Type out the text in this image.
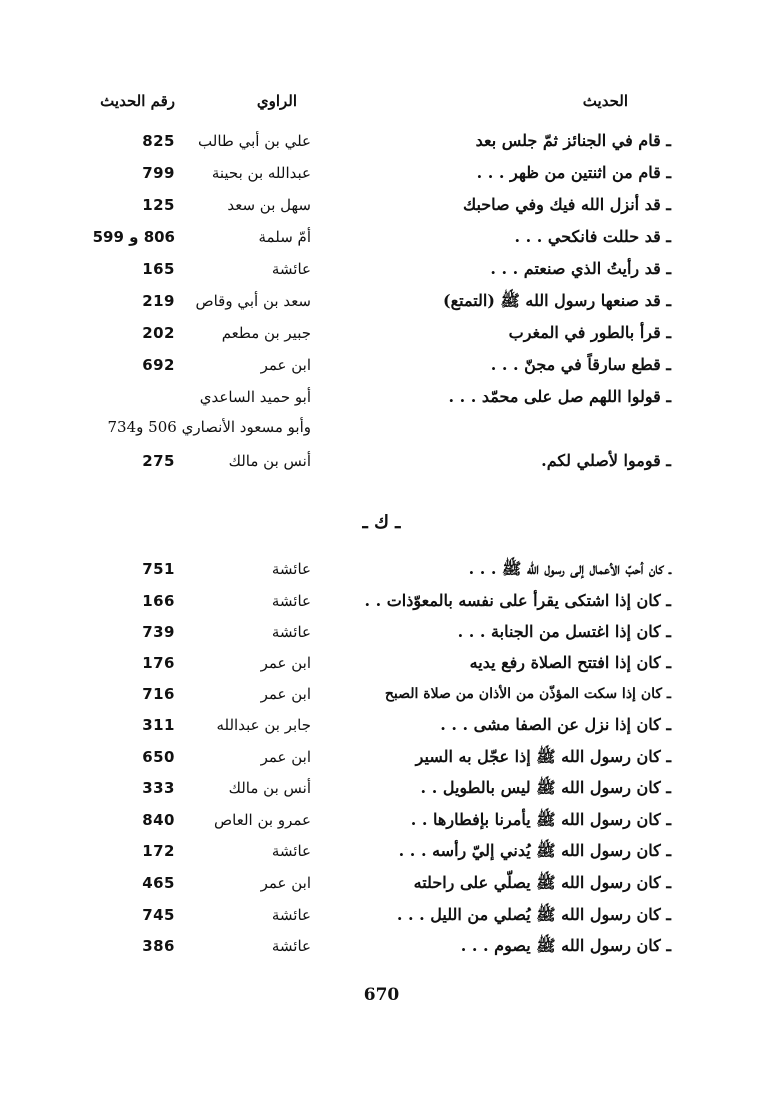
الحديث
الراوي
رقم الحديث
ـ قام في الجنائز ثمّ جلس بعد
علي بن أبي طالب
825
ـ قام من اثنتين من ظهر . . .
عبدالله بن بحينة
799
ـ قد أنزل الله فيك وفي صاحبك
سهل بن سعد
125
ـ قد حللت فانكحي . . .
أمّ سلمة
806 و 599
ـ قد رأيتُ الذي صنعتم . . .
عائشة
165
ـ قد صنعها رسول الله ﷺ (التمتع)
سعد بن أبي وقاص
219
ـ قرأ بالطور في المغرب
جبير بن مطعم
202
ـ قطع سارقاً في مجنّ . . .
ابن عمر
692
ـ قولوا اللهم صل على محمّد . . .
أبو حميد الساعدي
وأبو مسعود الأنصاري 506 و734
ـ قوموا لأصلي لكم.
أنس بن مالك
275
ـ ك ـ
ـ كان أحبّ الأعمال إلى رسول الله ﷺ . . .
عائشة
751
ـ كان إذا اشتكى يقرأ على نفسه بالمعوّذات . .
عائشة
166
ـ كان إذا اغتسل من الجنابة . . .
عائشة
739
ـ كان إذا افتتح الصلاة رفع يديه
ابن عمر
176
ـ كان إذا سكت المؤذّن من الأذان من صلاة الصبح
ابن عمر
716
ـ كان إذا نزل عن الصفا مشى . . .
جابر بن عبدالله
311
ـ كان رسول الله ﷺ إذا عجّل به السير
ابن عمر
650
ـ كان رسول الله ﷺ ليس بالطويل . .
أنس بن مالك
333
ـ كان رسول الله ﷺ يأمرنا بإفطارها . .
عمرو بن العاص
840
ـ كان رسول الله ﷺ يُدني إليّ رأسه . . .
عائشة
172
ـ كان رسول الله ﷺ يصلّي على راحلته
ابن عمر
465
ـ كان رسول الله ﷺ يُصلي من الليل . . .
عائشة
745
ـ كان رسول الله ﷺ يصوم . . .
عائشة
386
670
